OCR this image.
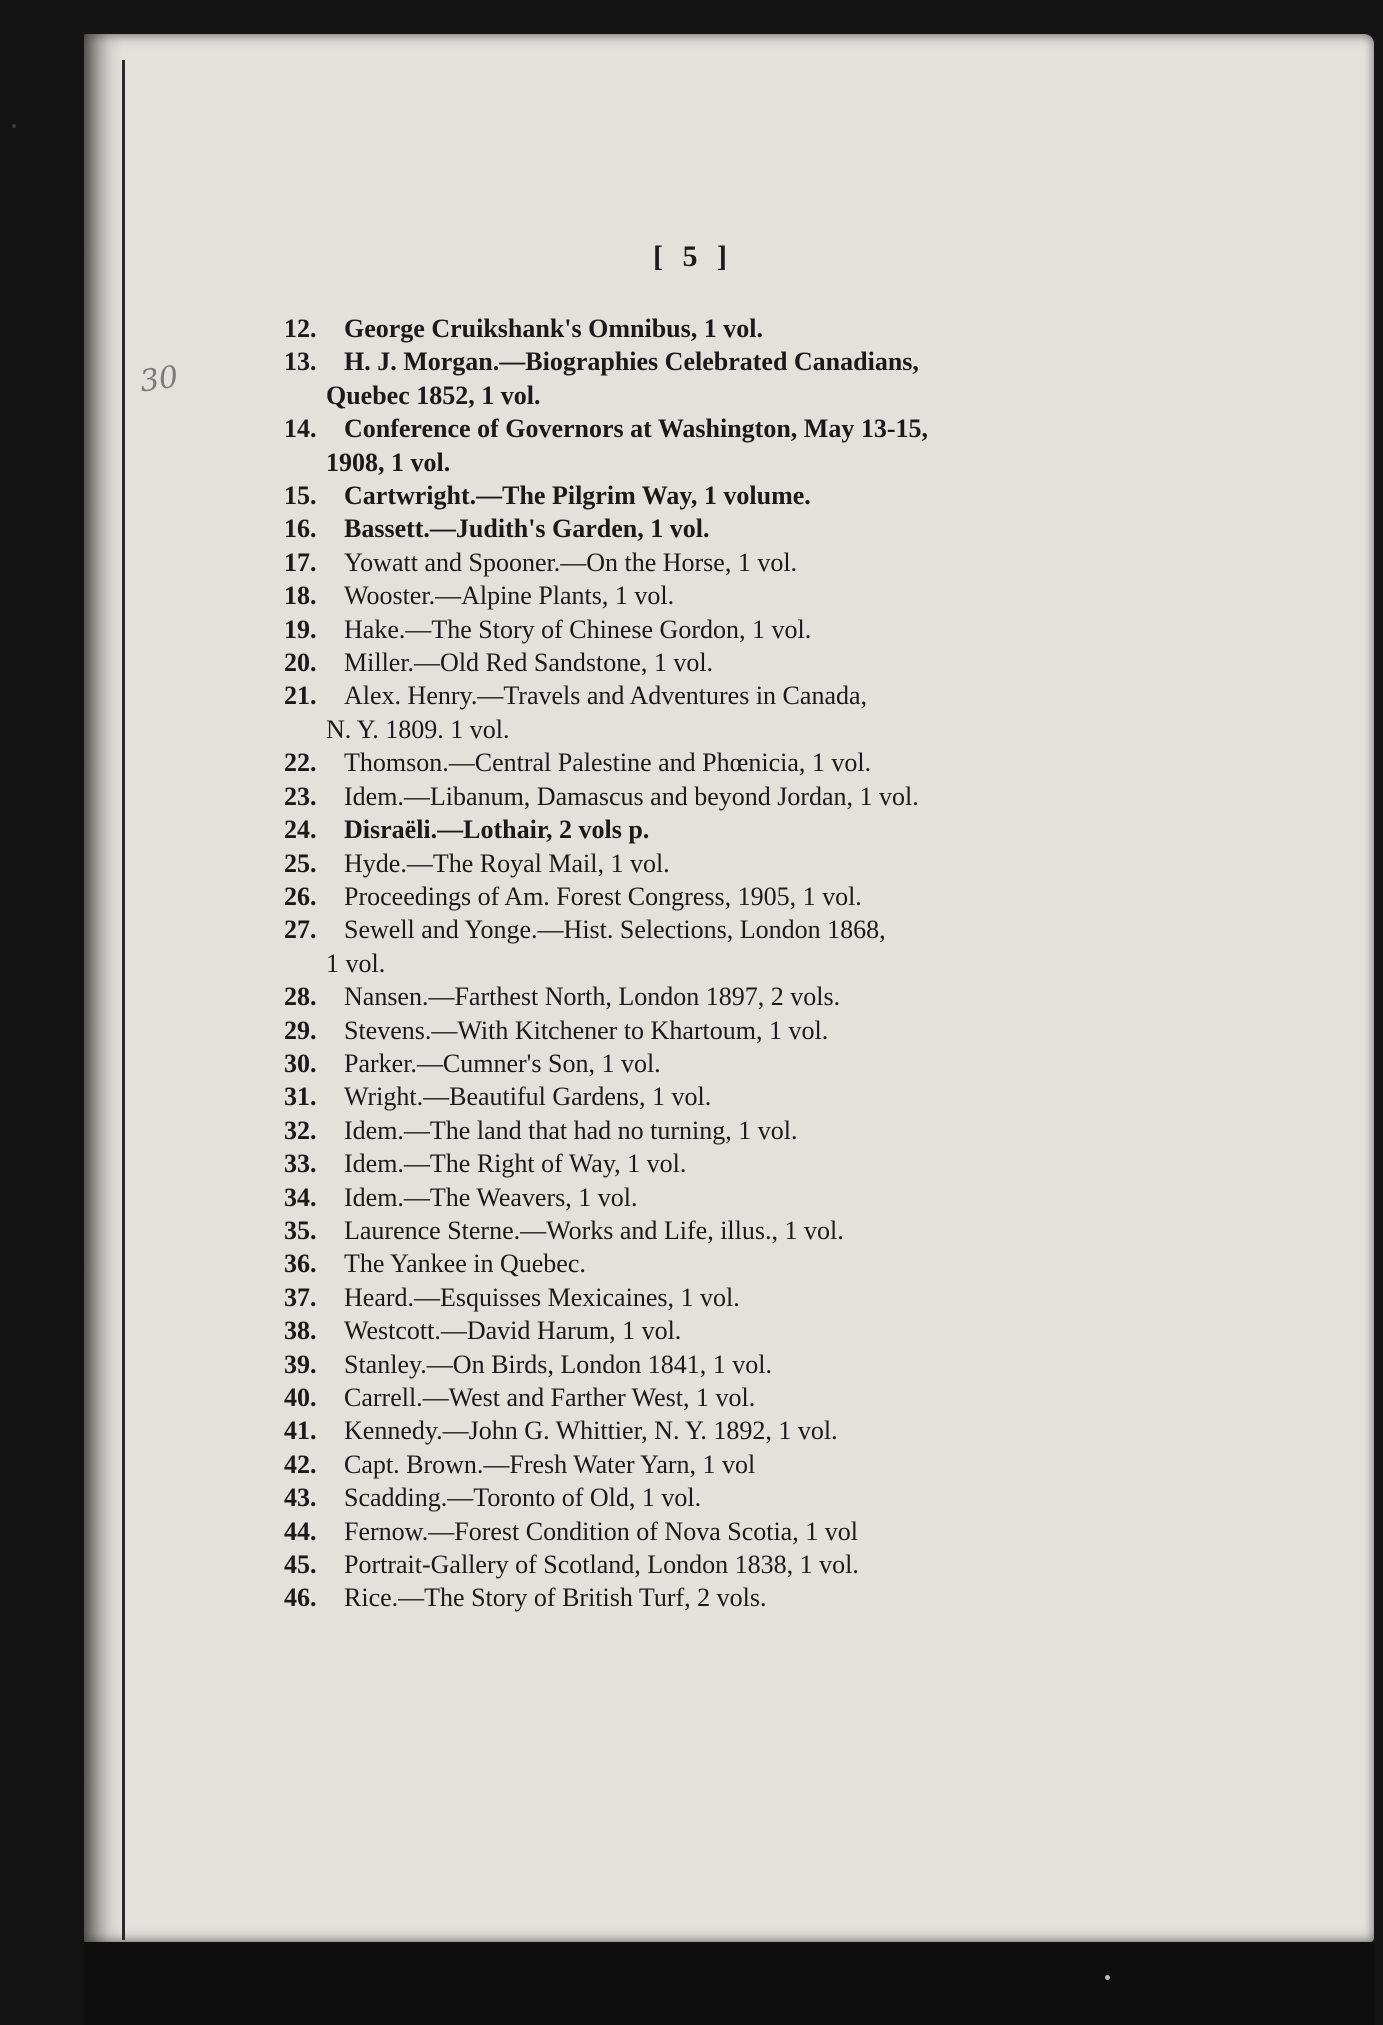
[ 5 ]
30
12.	George Cruikshank's Omnibus, 1 vol.
13.	H. J. Morgan.—Biographies Celebrated Canadians,
Quebec 1852, 1 vol.
14.	Conference of Governors at Washington, May 13-15,
1908, 1 vol.
15.	Cartwright.—The Pilgrim Way, 1 volume.
16.	Bassett.—Judith's Garden, 1 vol.
17.	Yowatt and Spooner.—On the Horse, 1 vol.
18.	Wooster.—Alpine Plants, 1 vol.
19.	Hake.—The Story of Chinese Gordon, 1 vol.
20.	Miller.—Old Red Sandstone, 1 vol.
21.	Alex. Henry.—Travels and Adventures in Canada,
N. Y. 1809. 1 vol.
22.	Thomson.—Central Palestine and Phœnicia, 1 vol.
23.	Idem.—Libanum, Damascus and beyond Jordan, 1 vol.
24.	Disraëli.—Lothair, 2 vols p.
25.	Hyde.—The Royal Mail, 1 vol.
26.	Proceedings of Am. Forest Congress, 1905, 1 vol.
27.	Sewell and Yonge.—Hist. Selections, London 1868,
1 vol.
28.	Nansen.—Farthest North, London 1897, 2 vols.
29.	Stevens.—With Kitchener to Khartoum, 1 vol.
30.	Parker.—Cumner's Son, 1 vol.
31.	Wright.—Beautiful Gardens, 1 vol.
32.	Idem.—The land that had no turning, 1 vol.
33.	Idem.—The Right of Way, 1 vol.
34.	Idem.—The Weavers, 1 vol.
35.	Laurence Sterne.—Works and Life, illus., 1 vol.
36.	The Yankee in Quebec.
37.	Heard.—Esquisses Mexicaines, 1 vol.
38.	Westcott.—David Harum, 1 vol.
39.	Stanley.—On Birds, London 1841, 1 vol.
40.	Carrell.—West and Farther West, 1 vol.
41.	Kennedy.—John G. Whittier, N. Y. 1892, 1 vol.
42.	Capt. Brown.—Fresh Water Yarn, 1 vol
43.	Scadding.—Toronto of Old, 1 vol.
44.	Fernow.—Forest Condition of Nova Scotia, 1 vol
45.	Portrait-Gallery of Scotland, London 1838, 1 vol.
46.	Rice.—The Story of British Turf, 2 vols.
